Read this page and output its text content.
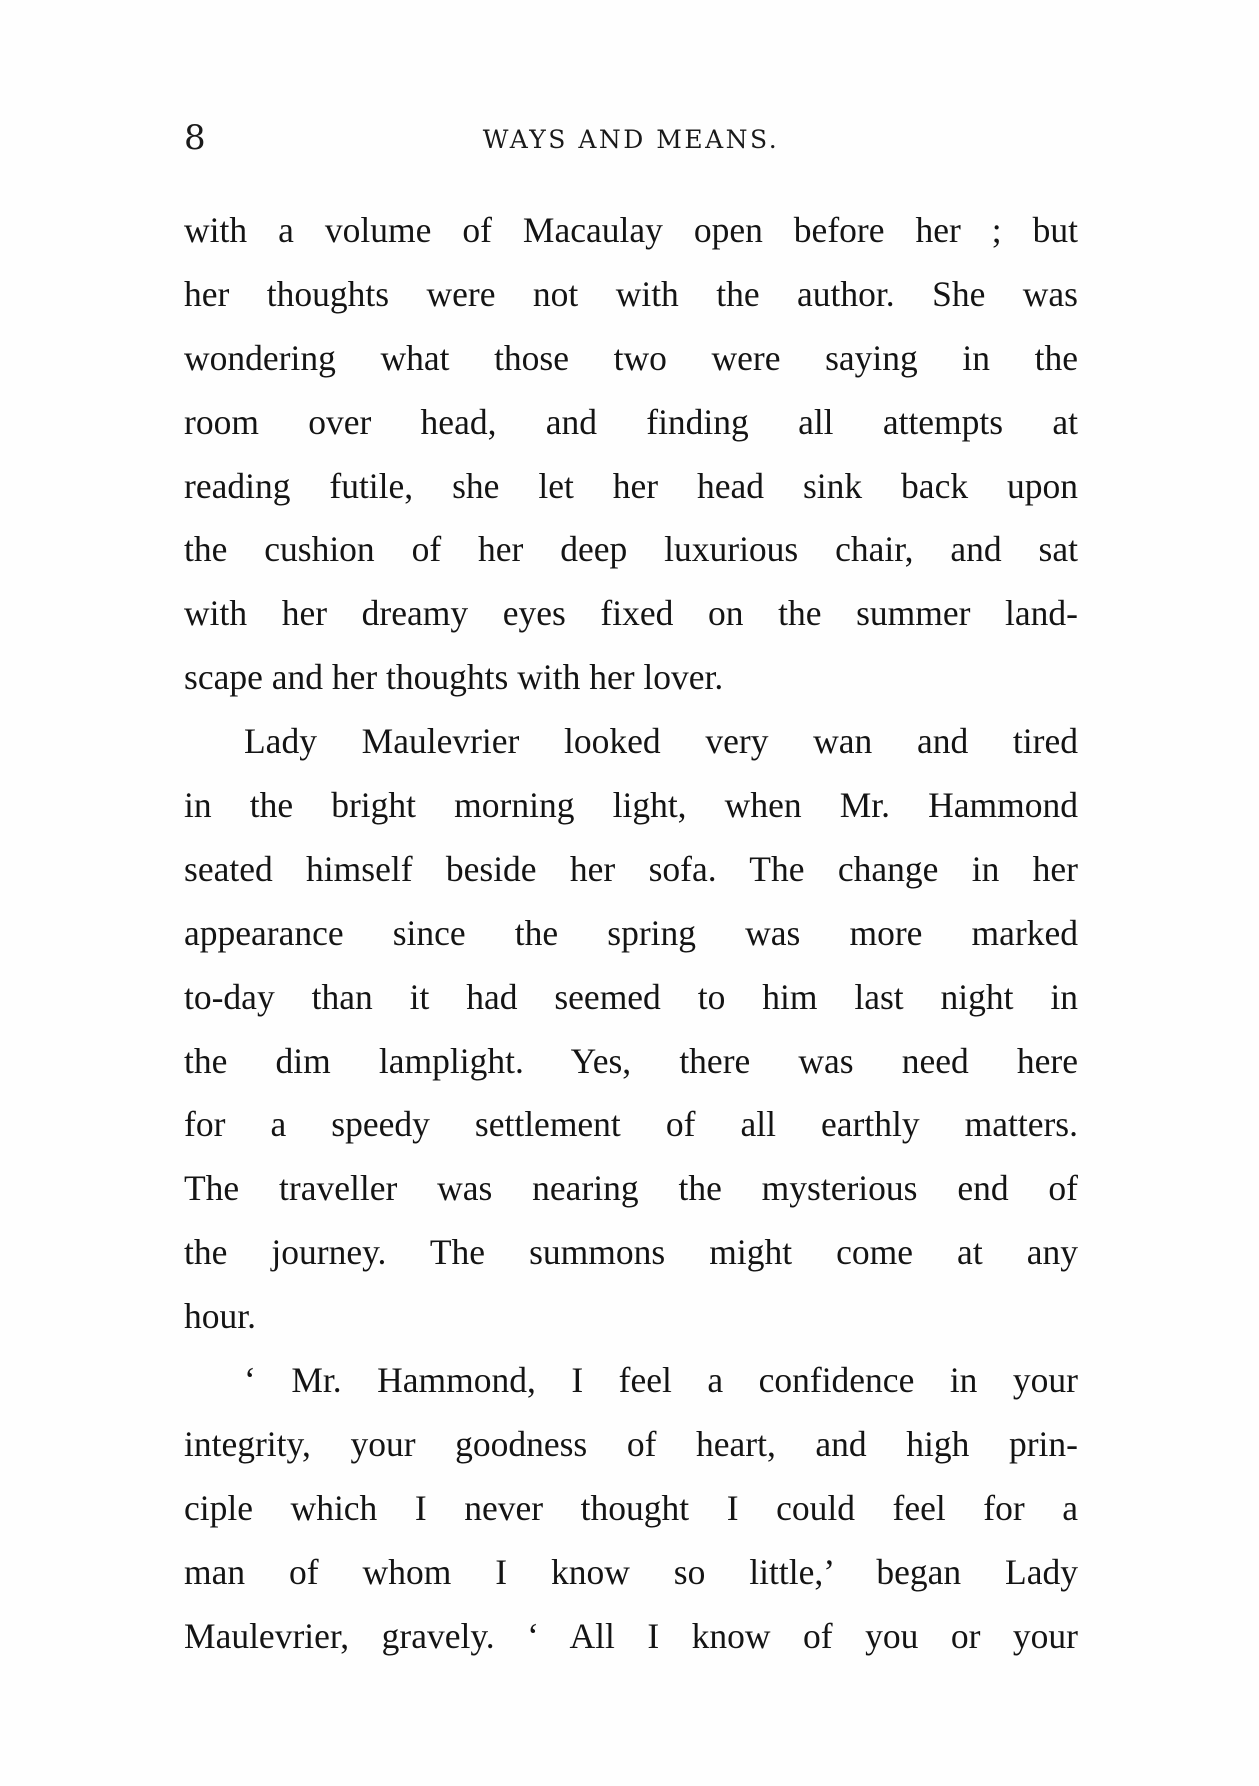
8	WAYS AND MEANS.
with a volume of Macaulay open before her ; but
her thoughts were not with the author. She was
wondering what those two were saying in the
room over head, and finding all attempts at
reading futile, she let her head sink back upon
the cushion of her deep luxurious chair, and sat
with her dreamy eyes fixed on the summer land-
scape and her thoughts with her lover.
Lady Maulevrier looked very wan and tired
in the bright morning light, when Mr. Hammond
seated himself beside her sofa. The change in her
appearance since the spring was more marked
to-day than it had seemed to him last night in
the dim lamplight. Yes, there was need here
for a speedy settlement of all earthly matters.
The traveller was nearing the mysterious end of
the journey. The summons might come at any
hour.
‘ Mr. Hammond, I feel a confidence in your
integrity, your goodness of heart, and high prin-
ciple which I never thought I could feel for a
man of whom I know so little,’ began Lady
Maulevrier, gravely. ‘ All I know of you or your
